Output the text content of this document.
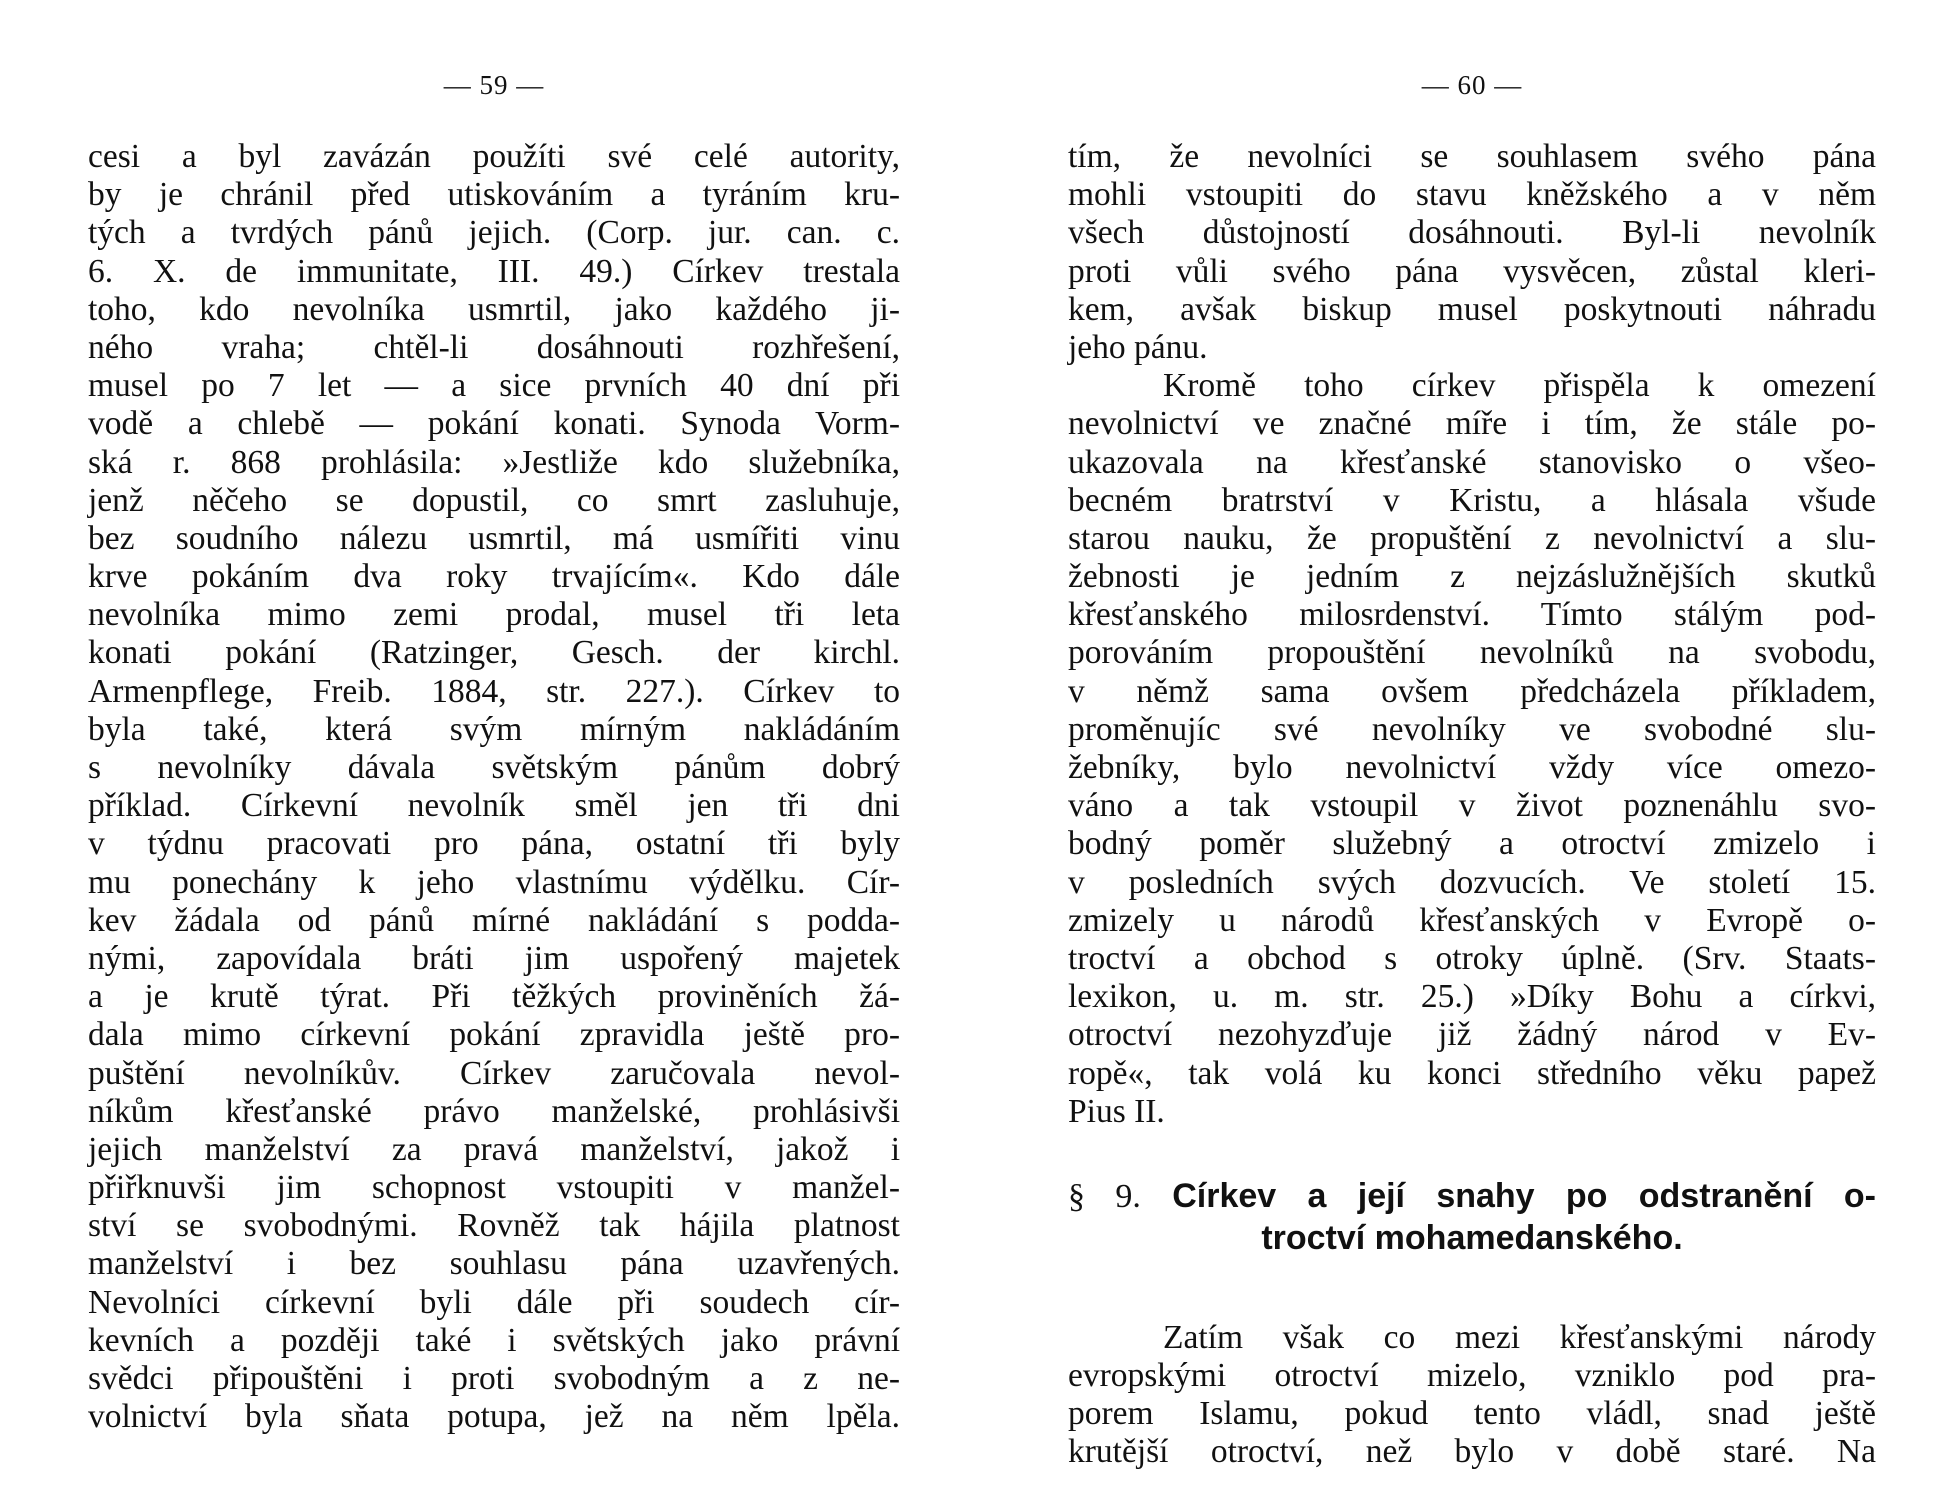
— 59 —
cesi a byl zavázán použíti své celé autority,
by je chránil před utiskováním a tyráním kru-
tých a tvrdých pánů jejich. (Corp. jur. can. c.
6. X. de immunitate, III. 49.) Církev trestala
toho, kdo nevolníka usmrtil, jako každého ji-
ného vraha; chtěl-li dosáhnouti rozhřešení,
musel po 7 let — a sice prvních 40 dní při
vodě a chlebě — pokání konati. Synoda Vorm-
ská r. 868 prohlásila: »Jestliže kdo služebníka,
jenž něčeho se dopustil, co smrt zasluhuje,
bez soudního nálezu usmrtil, má usmířiti vinu
krve pokáním dva roky trvajícím«. Kdo dále
nevolníka mimo zemi prodal, musel tři leta
konati pokání (Ratzinger, Gesch. der kirchl.
Armenpflege, Freib. 1884, str. 227.). Církev to
byla také, která svým mírným nakládáním
s nevolníky dávala světským pánům dobrý
příklad. Církevní nevolník směl jen tři dni
v týdnu pracovati pro pána, ostatní tři byly
mu ponechány k jeho vlastnímu výdělku. Cír-
kev žádala od pánů mírné nakládání s podda-
nými, zapovídala bráti jim uspořený majetek
a je krutě týrat. Při těžkých proviněních žá-
dala mimo církevní pokání zpravidla ještě pro-
puštění nevolníkův. Církev zaručovala nevol-
níkům křesťanské právo manželské, prohlásivši
jejich manželství za pravá manželství, jakož i
přiřknuvši jim schopnost vstoupiti v manžel-
ství se svobodnými. Rovněž tak hájila platnost
manželství i bez souhlasu pána uzavřených.
Nevolníci církevní byli dále při soudech cír-
kevních a později také i světských jako právní
svědci připouštěni i proti svobodným a z ne-
volnictví byla sňata potupa, jež na něm lpěla.
— 60 —
tím, že nevolníci se souhlasem svého pána
mohli vstoupiti do stavu kněžského a v něm
všech důstojností dosáhnouti. Byl-li nevolník
proti vůli svého pána vysvěcen, zůstal kleri-
kem, avšak biskup musel poskytnouti náhradu
jeho pánu.
Kromě toho církev přispěla k omezení
nevolnictví ve značné míře i tím, že stále po-
ukazovala na křesťanské stanovisko o všeo-
becném bratrství v Kristu, a hlásala všude
starou nauku, že propuštění z nevolnictví a slu-
žebnosti je jedním z nejzáslužnějších skutků
křesťanského milosrdenství. Tímto stálým pod-
porováním propouštění nevolníků na svobodu,
v němž sama ovšem předcházela příkladem,
proměnujíc své nevolníky ve svobodné slu-
žebníky, bylo nevolnictví vždy více omezo-
váno a tak vstoupil v život poznenáhlu svo-
bodný poměr služebný a otroctví zmizelo i
v posledních svých dozvucích. Ve století 15.
zmizely u národů křesťanských v Evropě o-
troctví a obchod s otroky úplně. (Srv. Staats-
lexikon, u. m. str. 25.) »Díky Bohu a církvi,
otroctví nezohyzďuje již žádný národ v Ev-
ropě«, tak volá ku konci středního věku papež
Pius II.
§ 9. Církev a její snahy po odstranění o-
troctví mohamedanského.
Zatím však co mezi křesťanskými národy
evropskými otroctví mizelo, vzniklo pod pra-
porem Islamu, pokud tento vládl, snad ještě
krutější otroctví, než bylo v době staré. Na
